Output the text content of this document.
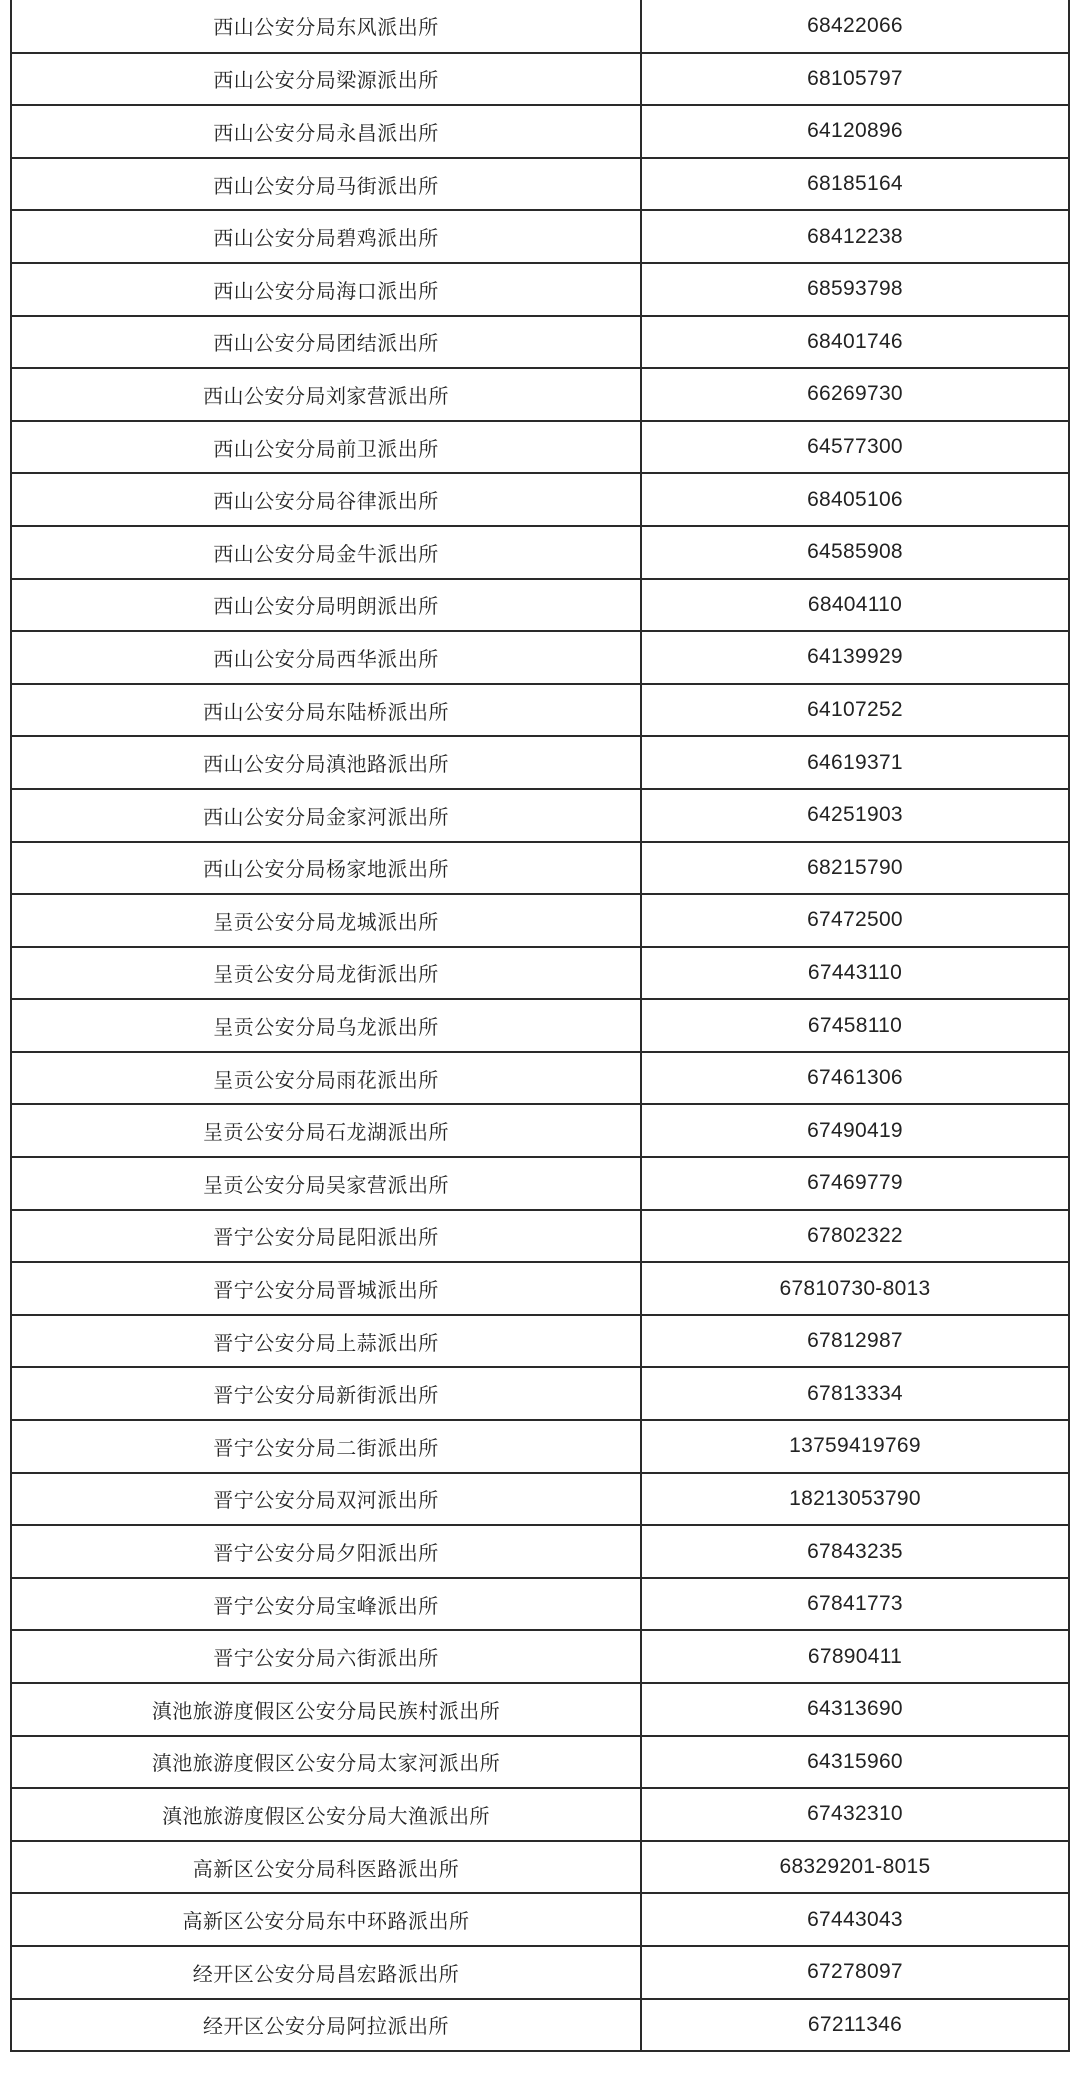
西山公安分局东风派出所	68422066
西山公安分局梁源派出所	68105797
西山公安分局永昌派出所	64120896
西山公安分局马街派出所	68185164
西山公安分局碧鸡派出所	68412238
西山公安分局海口派出所	68593798
西山公安分局团结派出所	68401746
西山公安分局刘家营派出所	66269730
西山公安分局前卫派出所	64577300
西山公安分局谷律派出所	68405106
西山公安分局金牛派出所	64585908
西山公安分局明朗派出所	68404110
西山公安分局西华派出所	64139929
西山公安分局东陆桥派出所	64107252
西山公安分局滇池路派出所	64619371
西山公安分局金家河派出所	64251903
西山公安分局杨家地派出所	68215790
呈贡公安分局龙城派出所	67472500
呈贡公安分局龙街派出所	67443110
呈贡公安分局乌龙派出所	67458110
呈贡公安分局雨花派出所	67461306
呈贡公安分局石龙湖派出所	67490419
呈贡公安分局吴家营派出所	67469779
晋宁公安分局昆阳派出所	67802322
晋宁公安分局晋城派出所	67810730-8013
晋宁公安分局上蒜派出所	67812987
晋宁公安分局新街派出所	67813334
晋宁公安分局二街派出所	13759419769
晋宁公安分局双河派出所	18213053790
晋宁公安分局夕阳派出所	67843235
晋宁公安分局宝峰派出所	67841773
晋宁公安分局六街派出所	67890411
滇池旅游度假区公安分局民族村派出所	64313690
滇池旅游度假区公安分局太家河派出所	64315960
滇池旅游度假区公安分局大渔派出所	67432310
高新区公安分局科医路派出所	68329201-8015
高新区公安分局东中环路派出所	67443043
经开区公安分局昌宏路派出所	67278097
经开区公安分局阿拉派出所	67211346
